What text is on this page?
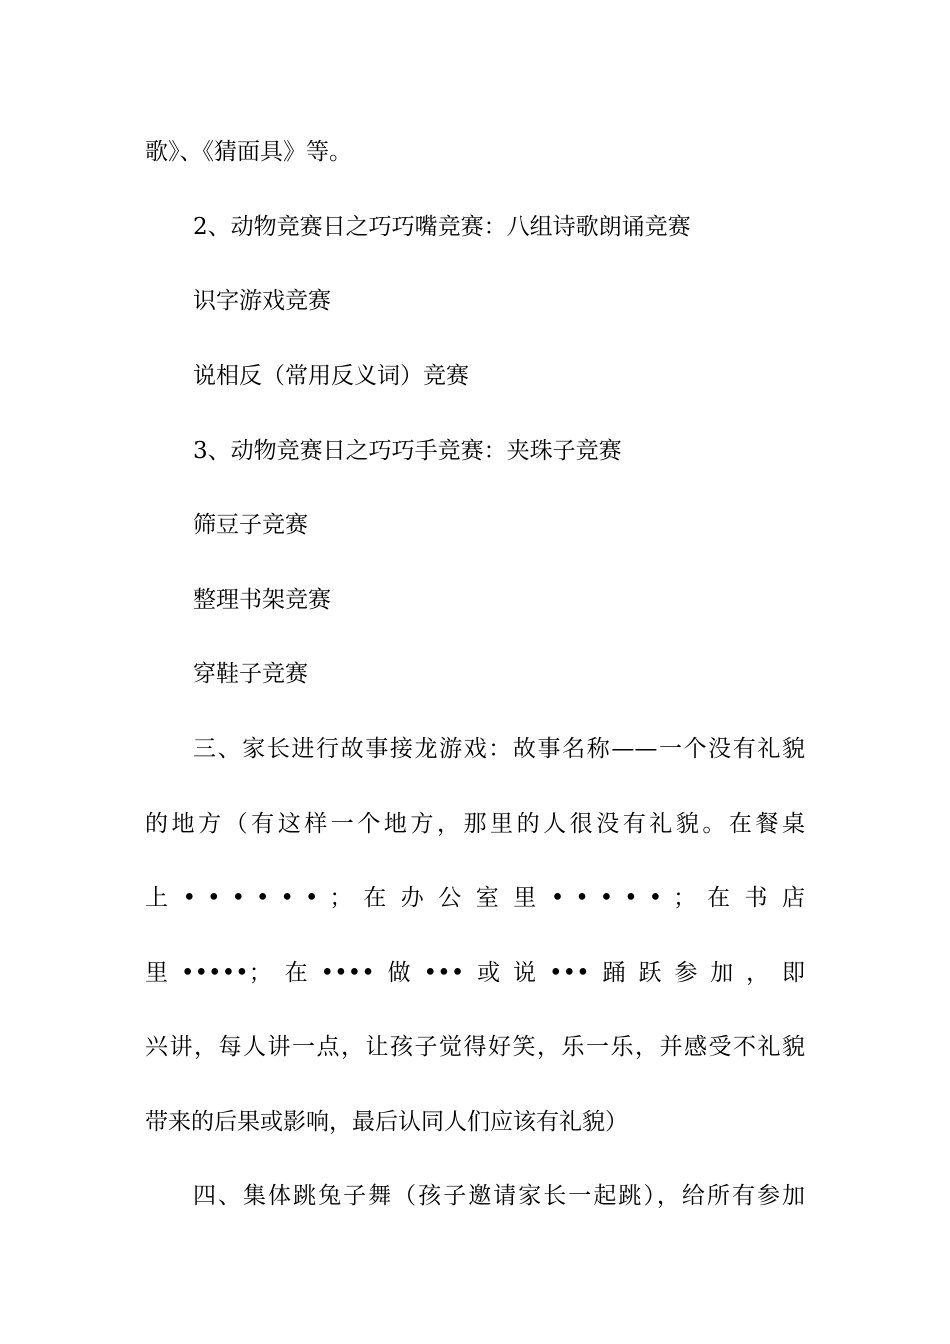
歌》、《猜面具》等。
2、动物竞赛日之巧巧嘴竞赛：八组诗歌朗诵竞赛
识字游戏竞赛
说相反（常用反义词）竞赛
3、动物竞赛日之巧巧手竞赛：夹珠子竞赛
筛豆子竞赛
整理书架竞赛
穿鞋子竞赛
三、家长进行故事接龙游戏：故事名称——一个没有礼貌
的地方（有这样一个地方，那里的人很没有礼貌。在餐桌
上 • • • • • • ； 在 办 公 室 里 • • • • • ； 在 书 店
里•••••；在••••做•••或说•••踊跃参加，即
兴讲，每人讲一点，让孩子觉得好笑，乐一乐，并感受不礼貌
带来的后果或影响，最后认同人们应该有礼貌）
四、集体跳兔子舞（孩子邀请家长一起跳），给所有参加
